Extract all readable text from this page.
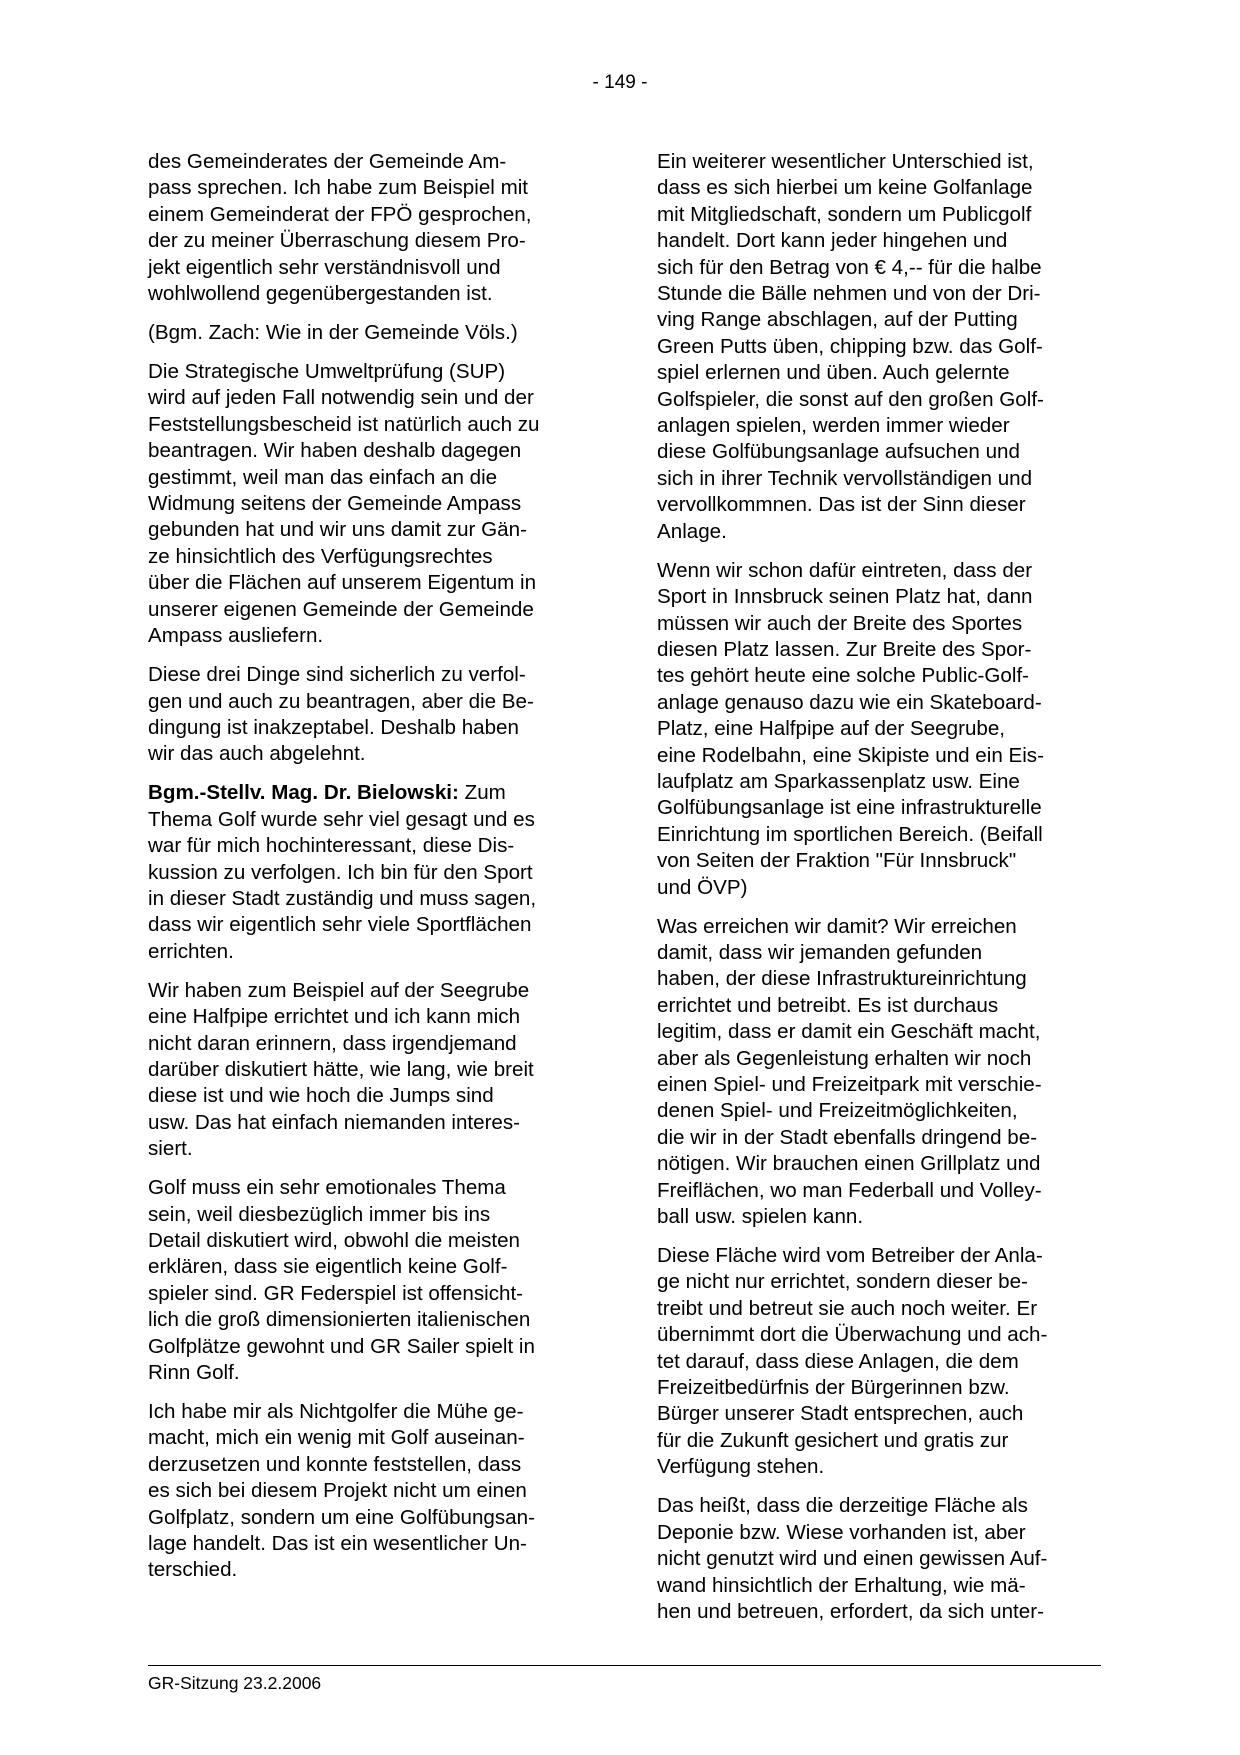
- 149 -

des Gemeinderates der Gemeinde Am-
pass sprechen. Ich habe zum Beispiel mit
einem Gemeinderat der FPÖ gesprochen,
der zu meiner Überraschung diesem Pro-
jekt eigentlich sehr verständnisvoll und
wohlwollend gegenübergestanden ist.

(Bgm. Zach: Wie in der Gemeinde Völs.)

Die Strategische Umweltprüfung (SUP)
wird auf jeden Fall notwendig sein und der
Feststellungsbescheid ist natürlich auch zu
beantragen. Wir haben deshalb dagegen
gestimmt, weil man das einfach an die
Widmung seitens der Gemeinde Ampass
gebunden hat und wir uns damit zur Gän-
ze hinsichtlich des Verfügungsrechtes
über die Flächen auf unserem Eigentum in
unserer eigenen Gemeinde der Gemeinde
Ampass ausliefern.

Diese drei Dinge sind sicherlich zu verfol-
gen und auch zu beantragen, aber die Be-
dingung ist inakzeptabel. Deshalb haben
wir das auch abgelehnt.

Bgm.-Stellv. Mag. Dr. Bielowski: Zum
Thema Golf wurde sehr viel gesagt und es
war für mich hochinteressant, diese Dis-
kussion zu verfolgen. Ich bin für den Sport
in dieser Stadt zuständig und muss sagen,
dass wir eigentlich sehr viele Sportflächen
errichten.

Wir haben zum Beispiel auf der Seegrube
eine Halfpipe errichtet und ich kann mich
nicht daran erinnern, dass irgendjemand
darüber diskutiert hätte, wie lang, wie breit
diese ist und wie hoch die Jumps sind
usw. Das hat einfach niemanden interes-
siert.

Golf muss ein sehr emotionales Thema
sein, weil diesbezüglich immer bis ins
Detail diskutiert wird, obwohl die meisten
erklären, dass sie eigentlich keine Golf-
spieler sind. GR Federspiel ist offensicht-
lich die groß dimensionierten italienischen
Golfplätze gewohnt und GR Sailer spielt in
Rinn Golf.

Ich habe mir als Nichtgolfer die Mühe ge-
macht, mich ein wenig mit Golf auseinan-
derzusetzen und konnte feststellen, dass
es sich bei diesem Projekt nicht um einen
Golfplatz, sondern um eine Golfübungsan-
lage handelt. Das ist ein wesentlicher Un-
terschied.

Ein weiterer wesentlicher Unterschied ist,
dass es sich hierbei um keine Golfanlage
mit Mitgliedschaft, sondern um Publicgolf
handelt. Dort kann jeder hingehen und
sich für den Betrag von € 4,-- für die halbe
Stunde die Bälle nehmen und von der Dri-
ving Range abschlagen, auf der Putting
Green Putts üben, chipping bzw. das Golf-
spiel erlernen und üben. Auch gelernte
Golfspieler, die sonst auf den großen Golf-
anlagen spielen, werden immer wieder
diese Golfübungsanlage aufsuchen und
sich in ihrer Technik vervollständigen und
vervollkommnen. Das ist der Sinn dieser
Anlage.

Wenn wir schon dafür eintreten, dass der
Sport in Innsbruck seinen Platz hat, dann
müssen wir auch der Breite des Sportes
diesen Platz lassen. Zur Breite des Spor-
tes gehört heute eine solche Public-Golf-
anlage genauso dazu wie ein Skateboard-
Platz, eine Halfpipe auf der Seegrube,
eine Rodelbahn, eine Skipiste und ein Eis-
laufplatz am Sparkassenplatz usw. Eine
Golfübungsanlage ist eine infrastrukturelle
Einrichtung im sportlichen Bereich. (Beifall
von Seiten der Fraktion "Für Innsbruck"
und ÖVP)

Was erreichen wir damit? Wir erreichen
damit, dass wir jemanden gefunden
haben, der diese Infrastruktureinrichtung
errichtet und betreibt. Es ist durchaus
legitim, dass er damit ein Geschäft macht,
aber als Gegenleistung erhalten wir noch
einen Spiel- und Freizeitpark mit verschie-
denen Spiel- und Freizeitmöglichkeiten,
die wir in der Stadt ebenfalls dringend be-
nötigen. Wir brauchen einen Grillplatz und
Freiflächen, wo man Federball und Volley-
ball usw. spielen kann.

Diese Fläche wird vom Betreiber der Anla-
ge nicht nur errichtet, sondern dieser be-
treibt und betreut sie auch noch weiter. Er
übernimmt dort die Überwachung und ach-
tet darauf, dass diese Anlagen, die dem
Freizeitbedürfnis der Bürgerinnen bzw.
Bürger unserer Stadt entsprechen, auch
für die Zukunft gesichert und gratis zur
Verfügung stehen.

Das heißt, dass die derzeitige Fläche als
Deponie bzw. Wiese vorhanden ist, aber
nicht genutzt wird und einen gewissen Auf-
wand hinsichtlich der Erhaltung, wie mä-
hen und betreuen, erfordert, da sich unter-

GR-Sitzung 23.2.2006
